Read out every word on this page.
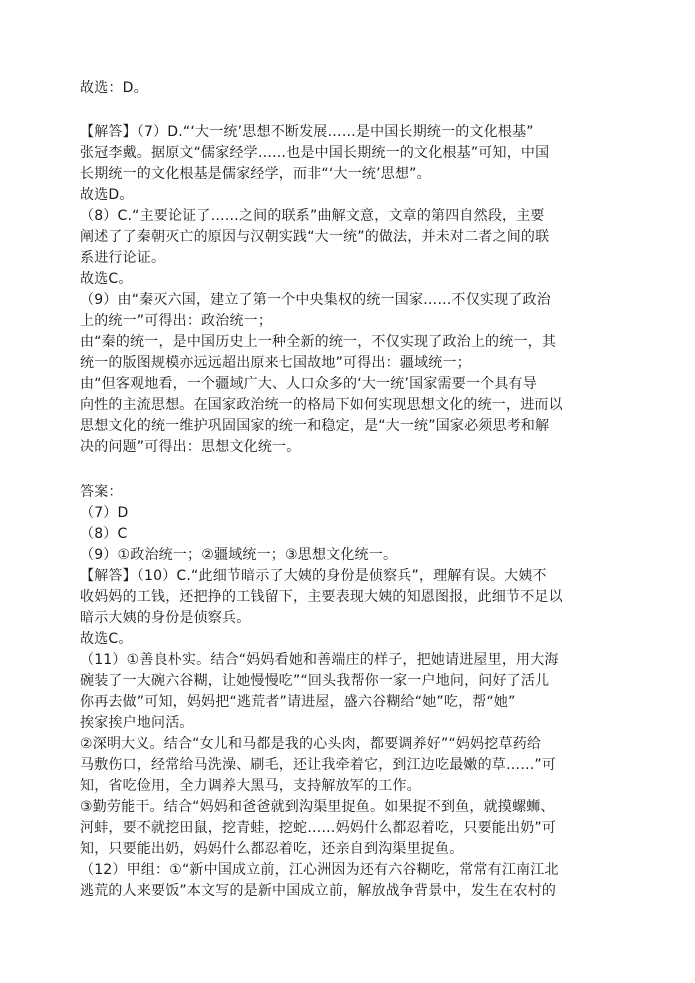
故选：D。
【解答】（7）D.“‘大一统’思想不断发展……是中国长期统一的文化根基”
张冠李戴。据原文“儒家经学……也是中国长期统一的文化根基”可知，中国
长期统一的文化根基是儒家经学，而非“‘大一统’思想”。
故选D。
（8）C.“主要论证了……之间的联系”曲解文意，文章的第四自然段，主要
阐述了了秦朝灭亡的原因与汉朝实践“大一统”的做法，并未对二者之间的联
系进行论证。
故选C。
（9）由“秦灭六国，建立了第一个中央集权的统一国家……不仅实现了政治
上的统一”可得出：政治统一；
由“秦的统一，是中国历史上一种全新的统一，不仅实现了政治上的统一，其
统一的版图规模亦远远超出原来七国故地”可得出：疆域统一；
由“但客观地看，一个疆域广大、人口众多的‘大一统’国家需要一个具有导
向性的主流思想。在国家政治统一的格局下如何实现思想文化的统一，进而以
思想文化的统一维护巩固国家的统一和稳定，是“大一统”国家必须思考和解
决的问题”可得出：思想文化统一。
答案：
（7）D
（8）C
（9）①政治统一；②疆域统一；③思想文化统一。
【解答】（10）C.“此细节暗示了大姨的身份是侦察兵”，理解有误。大姨不
收妈妈的工钱，还把挣的工钱留下，主要表现大姨的知恩图报，此细节不足以
暗示大姨的身份是侦察兵。
故选C。
（11）①善良朴实。结合“妈妈看她和善端庄的样子，把她请进屋里，用大海
碗装了一大碗六谷糊，让她慢慢吃”“回头我帮你一家一户地问，问好了活儿
你再去做”可知，妈妈把“逃荒者”请进屋，盛六谷糊给“她”吃，帮“她”
挨家挨户地问活。
②深明大义。结合“女儿和马都是我的心头肉，都要调养好”“妈妈挖草药给
马敷伤口，经常给马洗澡、刷毛，还让我牵着它，到江边吃最嫩的草……”可
知，省吃俭用，全力调养大黑马，支持解放军的工作。
③勤劳能干。结合“妈妈和爸爸就到沟渠里捉鱼。如果捉不到鱼，就摸螺蛳、
河蚌，要不就挖田鼠，挖青蛙，挖蛇……妈妈什么都忍着吃，只要能出奶”可
知，只要能出奶，妈妈什么都忍着吃，还亲自到沟渠里捉鱼。
（12）甲组：①“新中国成立前，江心洲因为还有六谷糊吃，常常有江南江北
逃荒的人来要饭”本文写的是新中国成立前，解放战争背景中，发生在农村的
